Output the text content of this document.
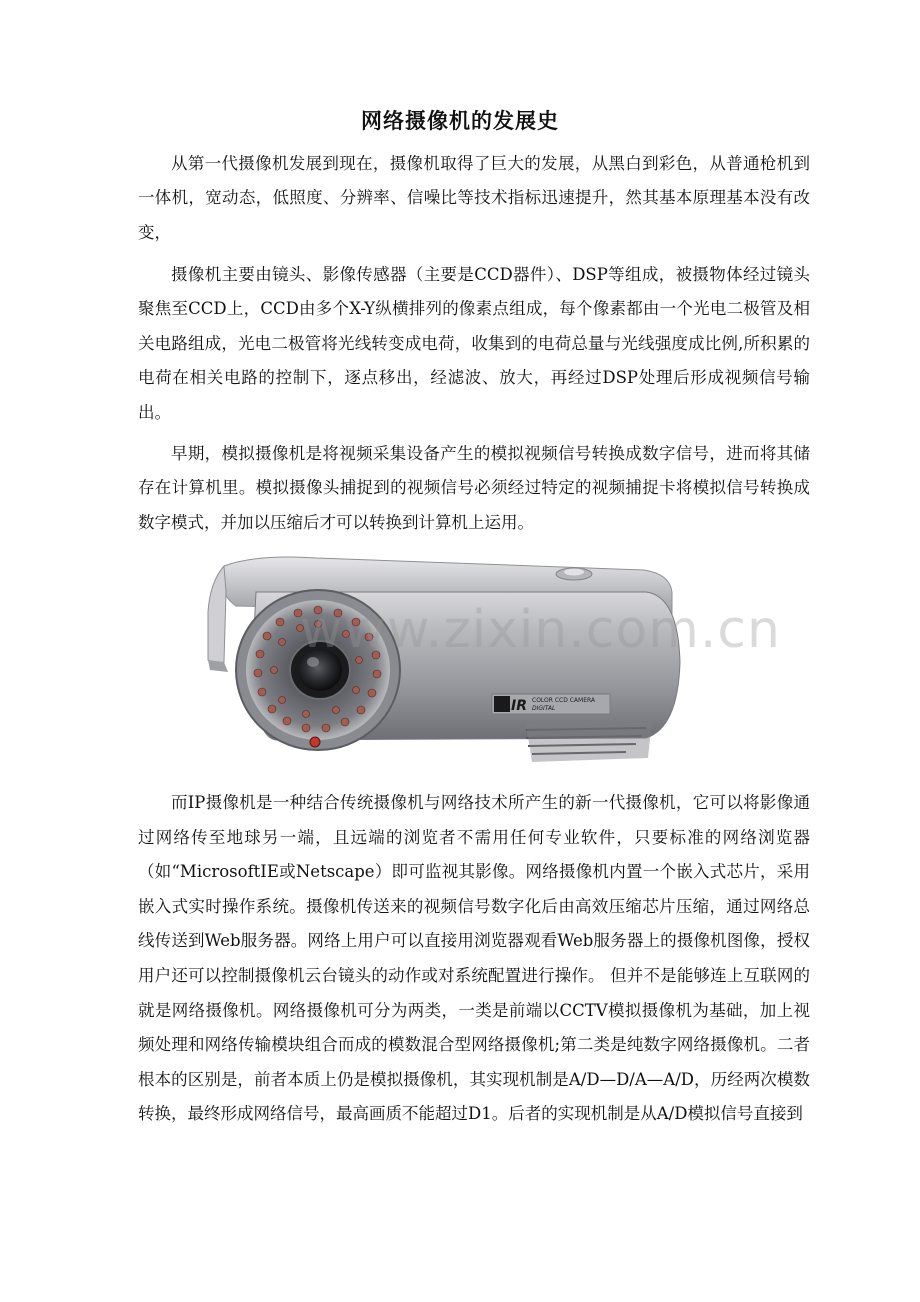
网络摄像机的发展史

从第一代摄像机发展到现在，摄像机取得了巨大的发展，从黑白到彩色，从普通枪机到一体机，宽动态，低照度、分辨率、信噪比等技术指标迅速提升，然其基本原理基本没有改变，

摄像机主要由镜头、影像传感器（主要是CCD器件）、DSP等组成，被摄物体经过镜头聚焦至CCD上，CCD由多个X-Y纵横排列的像素点组成，每个像素都由一个光电二极管及相关电路组成，光电二极管将光线转变成电荷，收集到的电荷总量与光线强度成比例,所积累的电荷在相关电路的控制下，逐点移出，经滤波、放大，再经过DSP处理后形成视频信号输出。

早期，模拟摄像机是将视频采集设备产生的模拟视频信号转换成数字信号，进而将其储存在计算机里。模拟摄像头捕捉到的视频信号必须经过特定的视频捕捉卡将模拟信号转换成数字模式，并加以压缩后才可以转换到计算机上运用。

IR COLOR CCD CAMERA
DIGITAL
www.zixin.com.cn

而IP摄像机是一种结合传统摄像机与网络技术所产生的新一代摄像机，它可以将影像通过网络传至地球另一端，且远端的浏览者不需用任何专业软件，只要标准的网络浏览器（如“MicrosoftIE或Netscape）即可监视其影像。网络摄像机内置一个嵌入式芯片，采用嵌入式实时操作系统。摄像机传送来的视频信号数字化后由高效压缩芯片压缩，通过网络总线传送到Web服务器。网络上用户可以直接用浏览器观看Web服务器上的摄像机图像，授权用户还可以控制摄像机云台镜头的动作或对系统配置进行操作。 但并不是能够连上互联网的就是网络摄像机。网络摄像机可分为两类，一类是前端以CCTV模拟摄像机为基础，加上视频处理和网络传输模块组合而成的模数混合型网络摄像机;第二类是纯数字网络摄像机。二者根本的区别是，前者本质上仍是模拟摄像机，其实现机制是A/D—D/A—A/D，历经两次模数转换，最终形成网络信号，最高画质不能超过D1。后者的实现机制是从A/D模拟信号直接到
